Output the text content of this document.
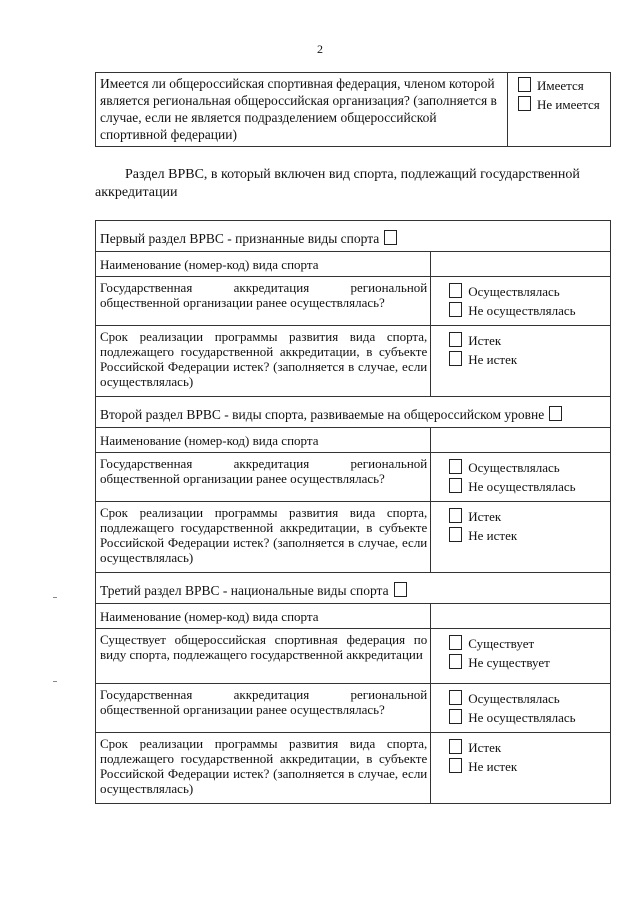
2
Имеется ли общероссийская спортивная федерация, членом которой является региональная общероссийская организация? (заполняется в случае, если не является подразделением общероссийской спортивной федерации)	
Имеется
Не имеется

Раздел ВРВС, в который включен вид спорта, подлежащий государственной аккредитации

Первый раздел ВРВС - признанные виды спорта	
Наименование (номер-код) вида спорта	
Государственная аккредитация региональной общественной организации ранее осуществлялась?	Осуществлялась
Не осуществлялась

Срок реализации программы развития вида спорта, подлежащего государственной аккредитации, в субъекте Российской Федерации истек? (заполняется в случае, если осуществлялась)	Истек
Не истек

Второй раздел ВРВС - виды спорта, развиваемые на общероссийском уровне	
Наименование (номер-код) вида спорта	
Государственная аккредитация региональной общественной организации ранее осуществлялась?	Осуществлялась
Не осуществлялась

Срок реализации программы развития вида спорта, подлежащего государственной аккредитации, в субъекте Российской Федерации истек? (заполняется в случае, если осуществлялась)	Истек
Не истек

Третий раздел ВРВС - национальные виды спорта	
Наименование (номер-код) вида спорта	
Существует общероссийская спортивная федерация по виду спорта, подлежащего государственной аккредитации	Существует
Не существует

Государственная аккредитация региональной общественной организации ранее осуществлялась?	Осуществлялась
Не осуществлялась

Срок реализации программы развития вида спорта, подлежащего государственной аккредитации, в субъекте Российской Федерации истек? (заполняется в случае, если осуществлялась)	Истек
Не истек
